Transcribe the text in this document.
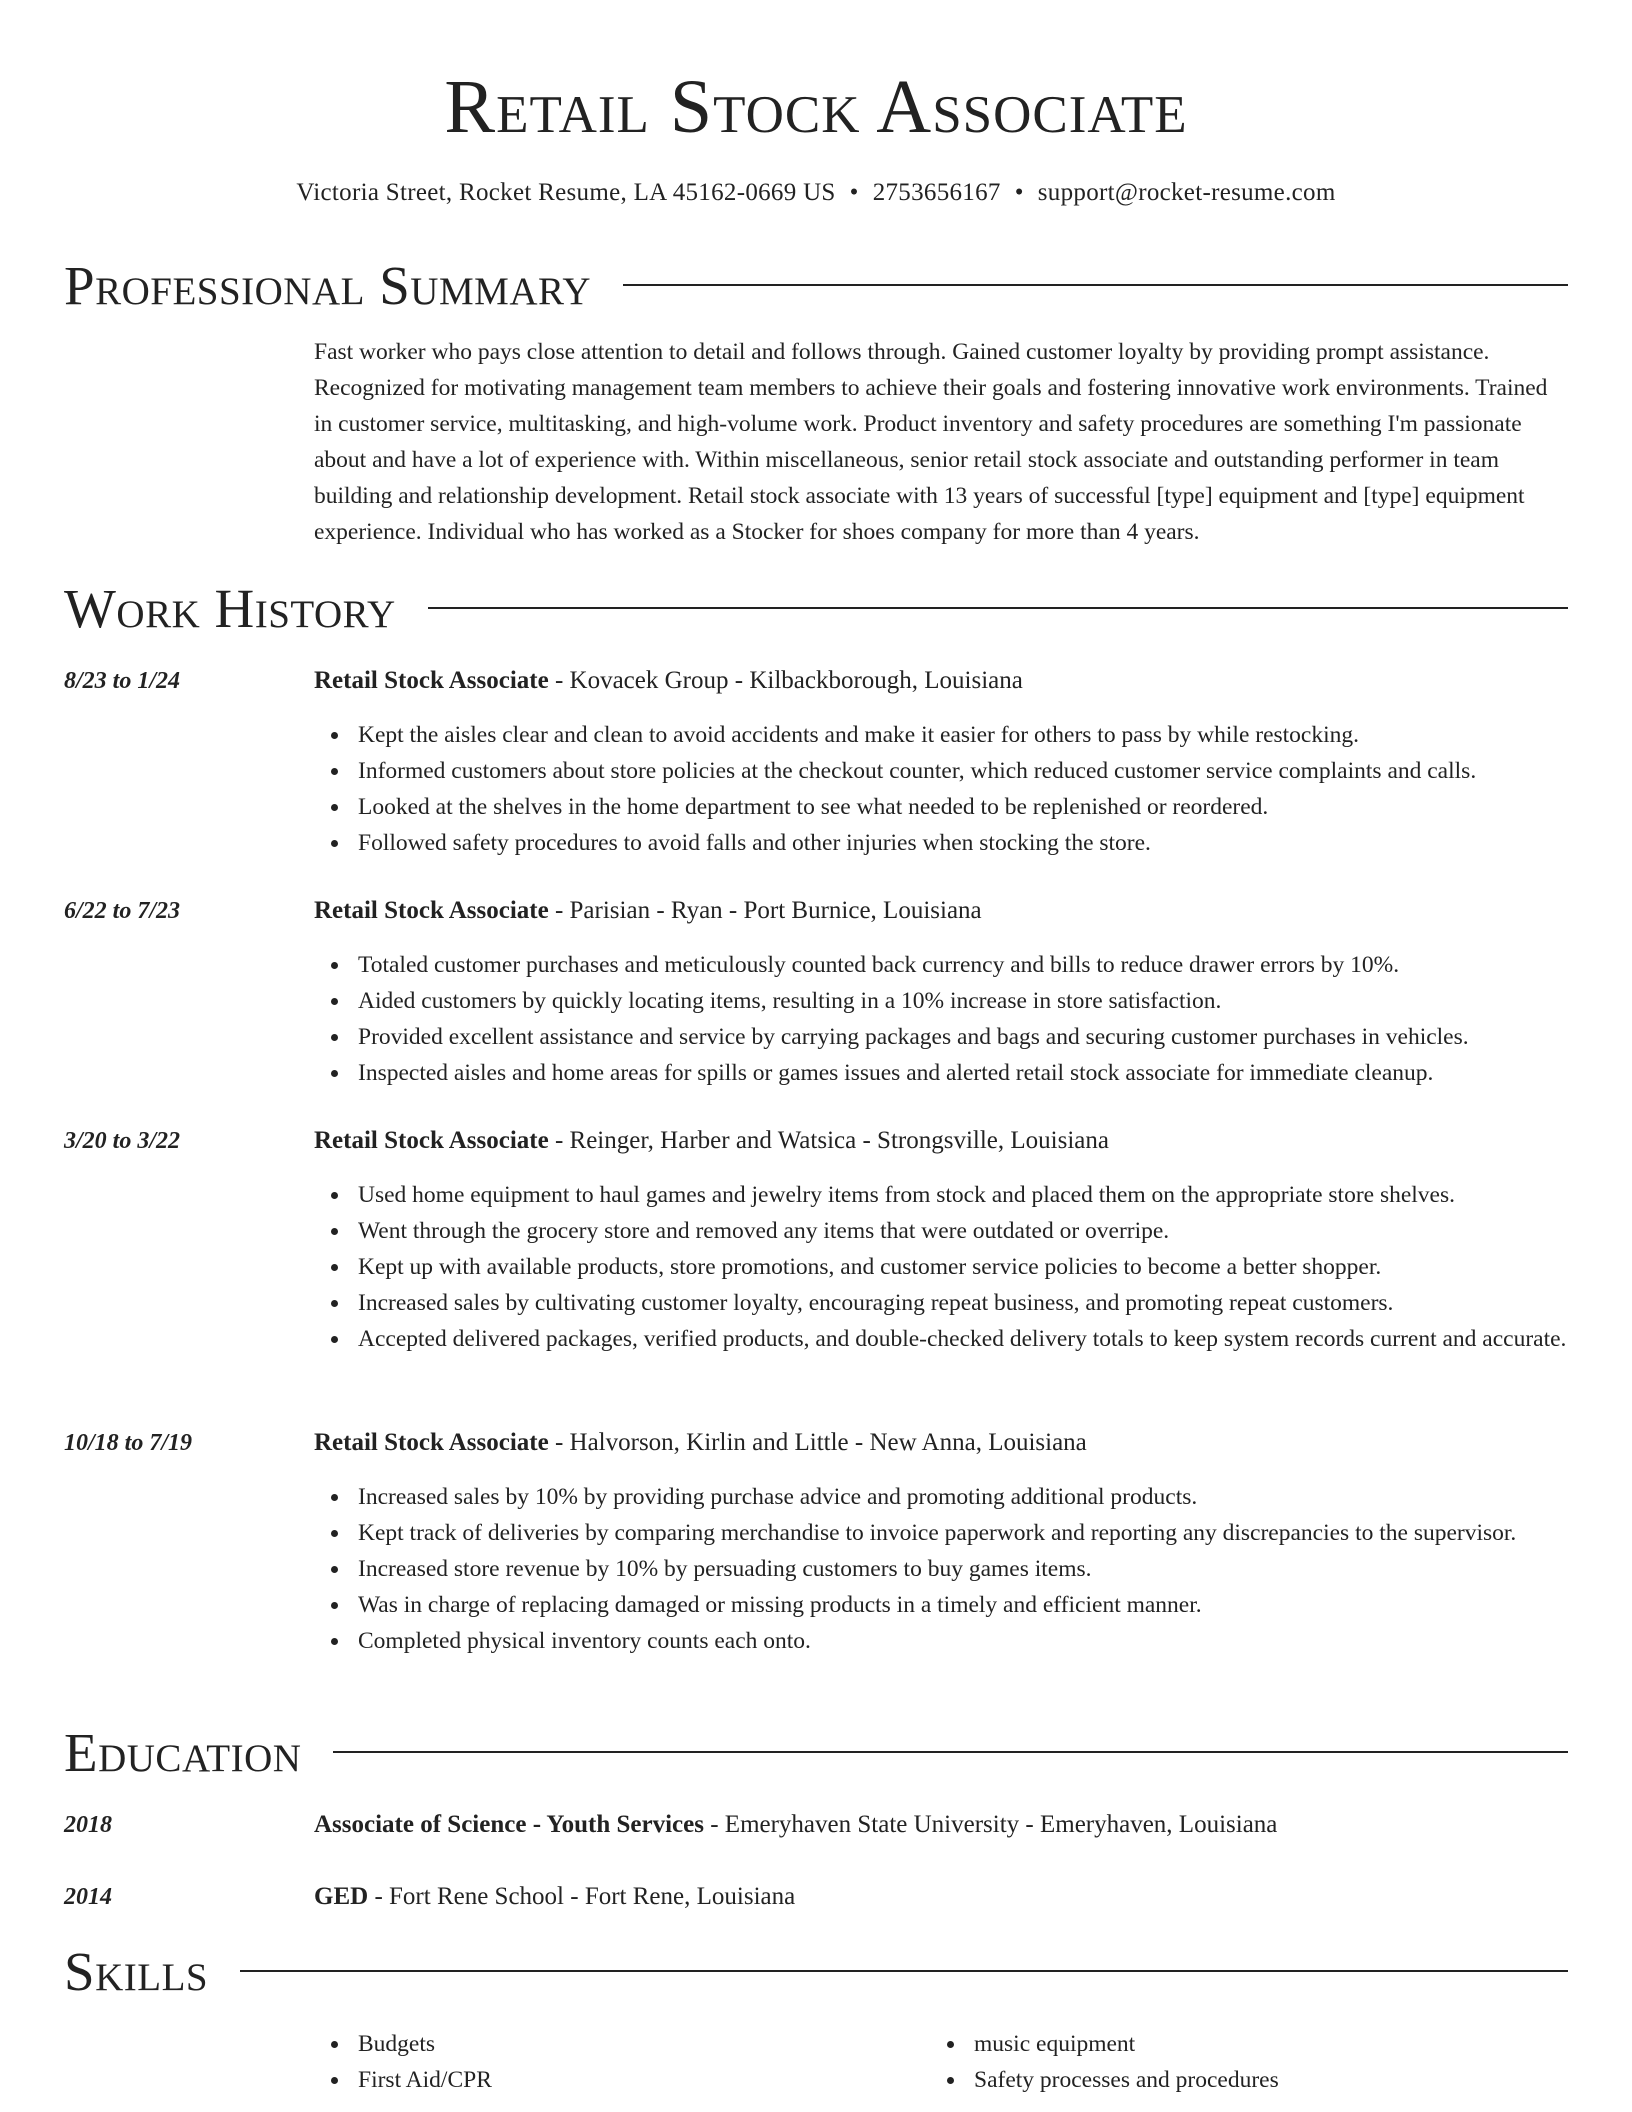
Retail Stock Associate
Victoria Street, Rocket Resume, LA 45162-0669 US • 2753656167 • support@rocket-resume.com
Professional Summary

Fast worker who pays close attention to detail and follows through. Gained customer loyalty by providing prompt assistance. Recognized for motivating management team members to achieve their goals and fostering innovative work environments. Trained in customer service, multitasking, and high-volume work. Product inventory and safety procedures are something I'm passionate about and have a lot of experience with. Within miscellaneous, senior retail stock associate and outstanding performer in team building and relationship development. Retail stock associate with 13 years of successful [type] equipment and [type] equipment experience. Individual who has worked as a Stocker for shoes company for more than 4 years.

Work History
8/23 to 1/24	Retail Stock Associate - Kovacek Group - Kilbackborough, Louisiana
Kept the aisles clear and clean to avoid accidents and make it easier for others to pass by while restocking.
Informed customers about store policies at the checkout counter, which reduced customer service complaints and calls.
Looked at the shelves in the home department to see what needed to be replenished or reordered.
Followed safety procedures to avoid falls and other injuries when stocking the store.
6/22 to 7/23	Retail Stock Associate - Parisian - Ryan - Port Burnice, Louisiana
Totaled customer purchases and meticulously counted back currency and bills to reduce drawer errors by 10%.
Aided customers by quickly locating items, resulting in a 10% increase in store satisfaction.
Provided excellent assistance and service by carrying packages and bags and securing customer purchases in vehicles.
Inspected aisles and home areas for spills or games issues and alerted retail stock associate for immediate cleanup.
3/20 to 3/22	Retail Stock Associate - Reinger, Harber and Watsica - Strongsville, Louisiana
Used home equipment to haul games and jewelry items from stock and placed them on the appropriate store shelves.
Went through the grocery store and removed any items that were outdated or overripe.
Kept up with available products, store promotions, and customer service policies to become a better shopper.
Increased sales by cultivating customer loyalty, encouraging repeat business, and promoting repeat customers.
Accepted delivered packages, verified products, and double-checked delivery totals to keep system records current and accurate.
10/18 to 7/19	Retail Stock Associate - Halvorson, Kirlin and Little - New Anna, Louisiana
Increased sales by 10% by providing purchase advice and promoting additional products.
Kept track of deliveries by comparing merchandise to invoice paperwork and reporting any discrepancies to the supervisor.
Increased store revenue by 10% by persuading customers to buy games items.
Was in charge of replacing damaged or missing products in a timely and efficient manner.
Completed physical inventory counts each onto.
Education
2018	Associate of Science - Youth Services - Emeryhaven State University - Emeryhaven, Louisiana
2014	GED - Fort Rene School - Fort Rene, Louisiana
Skills
Budgets
First Aid/CPR
music equipment
Safety processes and procedures
